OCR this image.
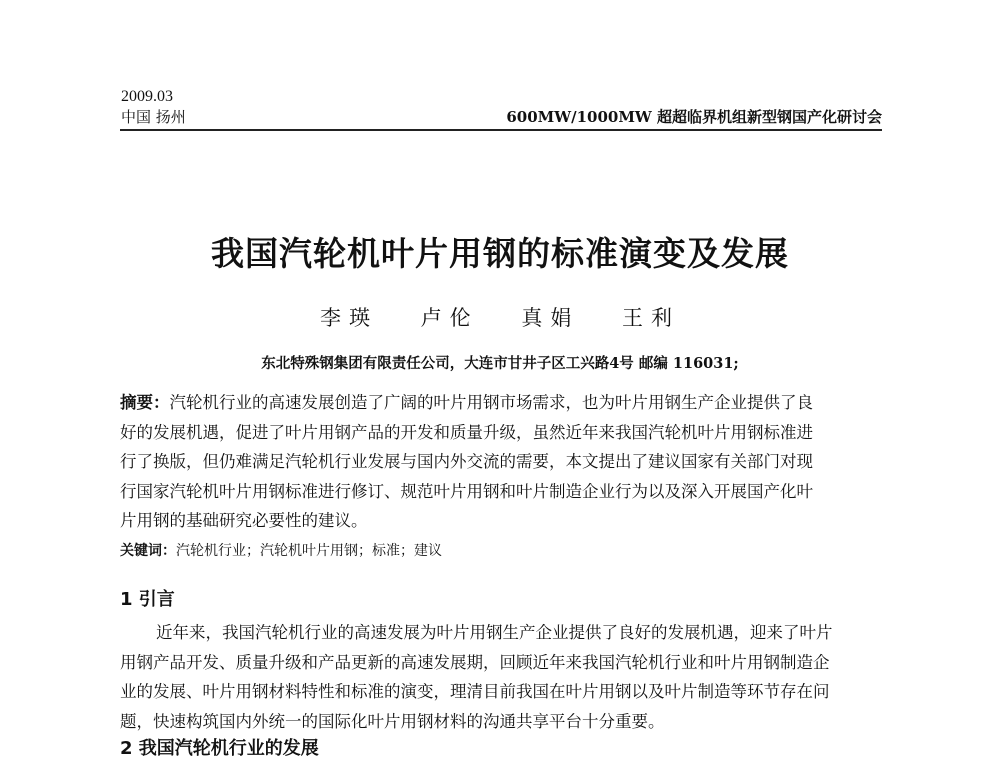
2009.03
中国 扬州	600MW/1000MW 超超临界机组新型钢国产化研讨会
我国汽轮机叶片用钢的标准演变及发展
李瑛 卢伦 真娟 王利
东北特殊钢集团有限责任公司，大连市甘井子区工兴路4号 邮编 116031;
摘要：汽轮机行业的高速发展创造了广阔的叶片用钢市场需求，也为叶片用钢生产企业提供了良
好的发展机遇，促进了叶片用钢产品的开发和质量升级，虽然近年来我国汽轮机叶片用钢标准进
行了换版，但仍难满足汽轮机行业发展与国内外交流的需要，本文提出了建议国家有关部门对现
行国家汽轮机叶片用钢标准进行修订、规范叶片用钢和叶片制造企业行为以及深入开展国产化叶
片用钢的基础研究必要性的建议。
关键词：汽轮机行业；汽轮机叶片用钢；标准；建议
1 引言
近年来，我国汽轮机行业的高速发展为叶片用钢生产企业提供了良好的发展机遇，迎来了叶片
用钢产品开发、质量升级和产品更新的高速发展期，回顾近年来我国汽轮机行业和叶片用钢制造企
业的发展、叶片用钢材料特性和标准的演变，理清目前我国在叶片用钢以及叶片制造等环节存在问
题，快速构筑国内外统一的国际化叶片用钢材料的沟通共享平台十分重要。
2 我国汽轮机行业的发展
